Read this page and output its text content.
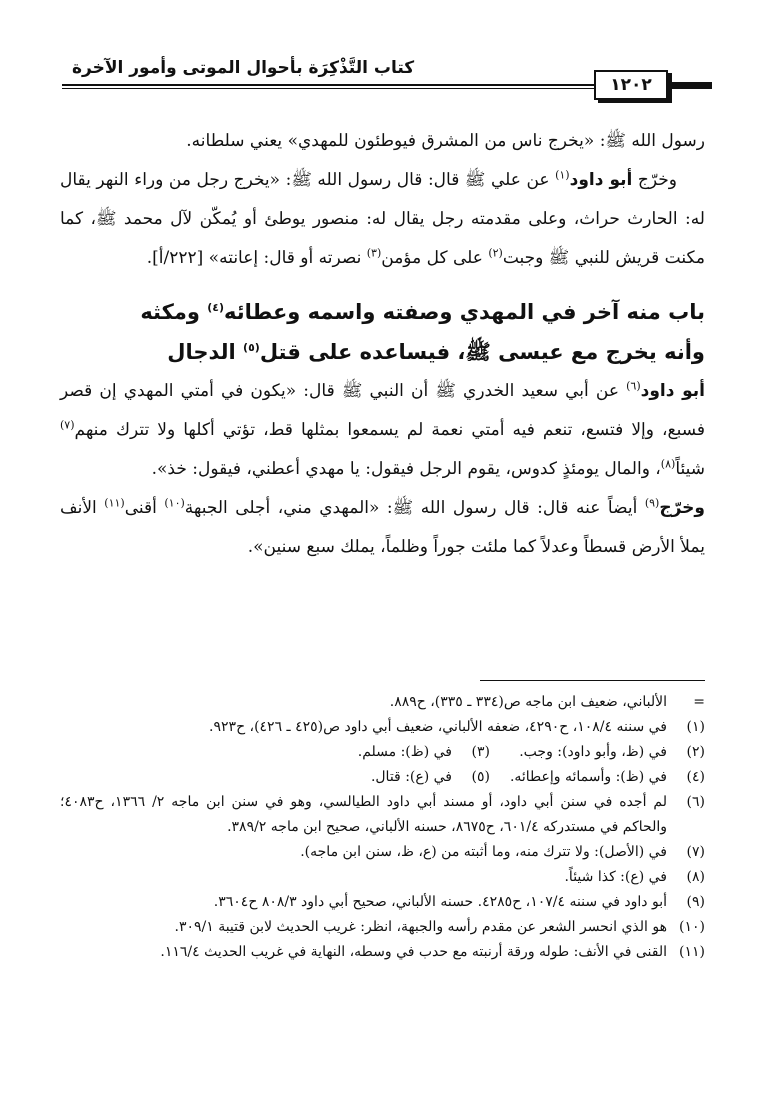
كتاب التَّذْكِرَة بأحوال الموتى وأمور الآخرة
١٢٠٢

رسول الله ﷺ: «يخرج ناس من المشرق فيوطئون للمهدي» يعني سلطانه.

وخرّج أبو داود$^{(١)}$ عن علي ﷺ قال: قال رسول الله ﷺ: «يخرج رجل من وراء النهر يقال له: الحارث حراث، وعلى مقدمته رجل يقال له: منصور يوطئ أو يُمكّن لآل محمد ﷺ، كما مكنت قريش للنبي ﷺ وجبت$^{(٢)}$ على كل مؤمن$^{(٣)}$ نصرته أو قال: إعانته» [٢٢٢/أ].

باب منه آخر في المهدي وصفته واسمه وعطائه$^{(٤)}$ ومكثه
وأنه يخرج مع عيسى ﷺ، فيساعده على قتل$^{(٥)}$ الدجال

أبو داود$^{(٦)}$ عن أبي سعيد الخدري ﷺ أن النبي ﷺ قال: «يكون في أمتي المهدي إن قصر فسبع، وإلا فتسع، تنعم فيه أمتي نعمة لم يسمعوا بمثلها قط، تؤتي أكلها ولا تترك منهم$^{(٧)}$ شيئاً$^{(٨)}$، والمال يومئذٍ كدوس، يقوم الرجل فيقول: يا مهدي أعطني، فيقول: خذ».

وخرّج$^{(٩)}$ أيضاً عنه قال: قال رسول الله ﷺ: «المهدي مني، أجلى الجبهة$^{(١٠)}$ أقنى$^{(١١)}$ الأنف يملأ الأرض قسطاً وعدلاً كما ملئت جوراً وظلماً، يملك سبع سنين».

=
الألباني، ضعيف ابن ماجه ص(٣٣٤ ـ ٣٣٥)، ح٨٨٩.
(١)
في سننه ١٠٨/٤، ح٤٢٩٠، ضعفه الألباني، ضعيف أبي داود ص(٤٢٥ ـ ٤٢٦)، ح٩٢٣.
(٢)
في (ظ، وأبو داود): وجب.
(٣)
في (ظ): مسلم.
(٤)
في (ظ): وأسمائه وإعطائه.
(٥)
في (ع): قتال.
(٦)
لم أجده في سنن أبي داود، أو مسند أبي داود الطيالسي، وهو في سنن ابن ماجه ٢/ ١٣٦٦، ح٤٠٨٣؛ والحاكم في مستدركه ٦٠١/٤، ح٨٦٧٥، حسنه الألباني، صحيح ابن ماجه ٣٨٩/٢.
(٧)
في (الأصل): ولا تترك منه، وما أثبته من (ع، ظ، سنن ابن ماجه).
(٨)
في (ع): كذا شيئاً.
(٩)
أبو داود في سننه ١٠٧/٤، ح٤٢٨٥. حسنه الألباني، صحيح أبي داود ٨٠٨/٣ ح٣٦٠٤.
(١٠)
هو الذي انحسر الشعر عن مقدم رأسه والجبهة، انظر: غريب الحديث لابن قتيبة ٣٠٩/١.
(١١)
القنى في الأنف: طوله ورقة أرنبته مع حدب في وسطه، النهاية في غريب الحديث ١١٦/٤.
